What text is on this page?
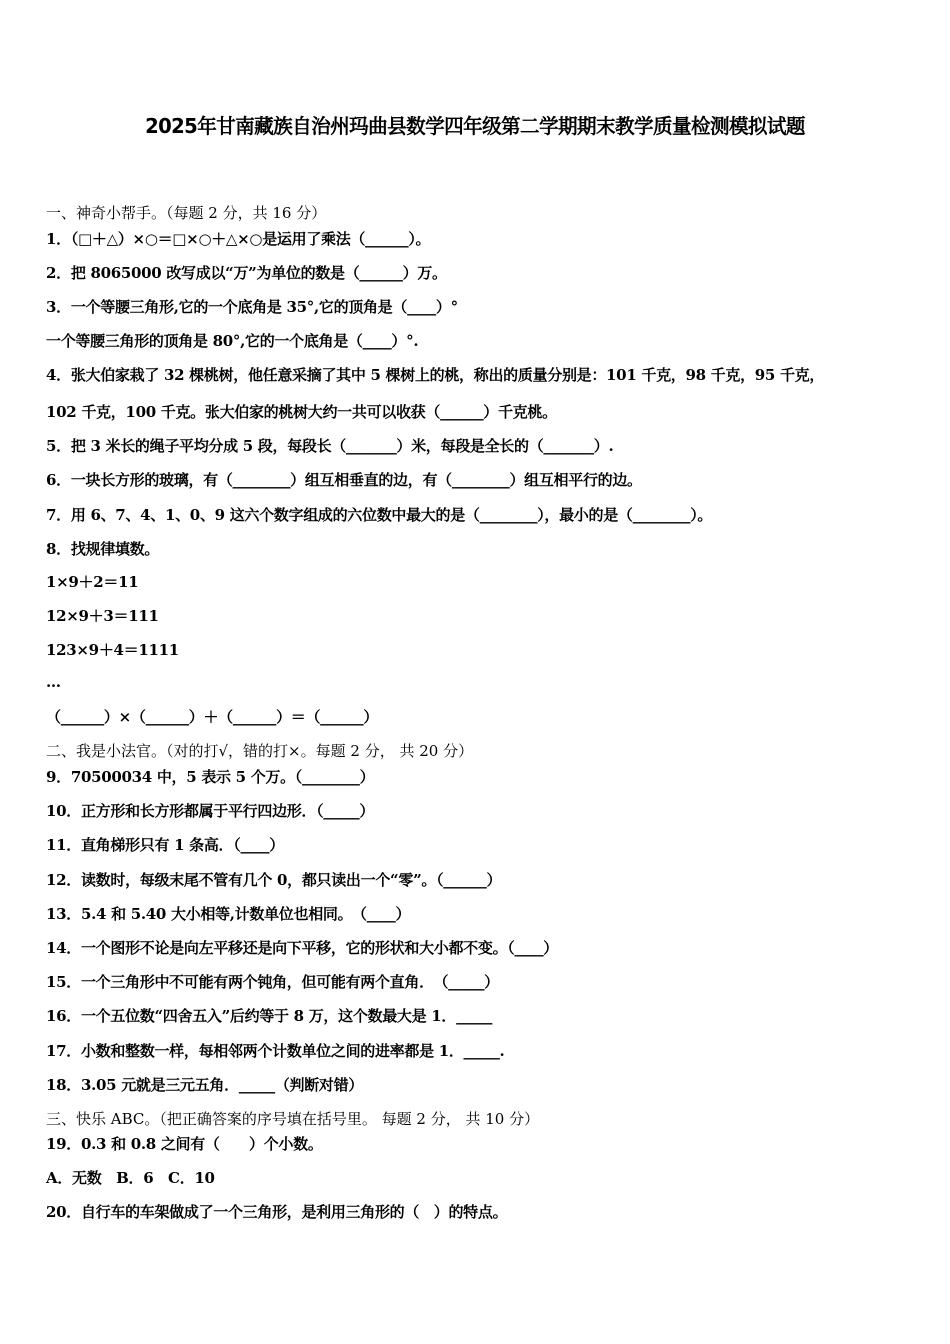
2025年甘南藏族自治州玛曲县数学四年级第二学期期末教学质量检测模拟试题
一、神奇小帮手。（每题 2 分，共 16 分）
1．（□＋△）×○＝□×○＋△×○是运用了乘法（______）。
2．把 8065000 改写成以“万”为单位的数是（______）万。
3．一个等腰三角形,它的一个底角是 35°,它的顶角是（____）°
一个等腰三角形的顶角是 80°,它的一个底角是（____）°.
4．张大伯家栽了 32 棵桃树，他任意采摘了其中 5 棵树上的桃，称出的质量分别是：101 千克，98 千克，95 千克，
102 千克，100 千克。张大伯家的桃树大约一共可以收获（______）千克桃。
5．把 3 米长的绳子平均分成 5 段，每段长（_______）米，每段是全长的（_______）.
6．一块长方形的玻璃，有（________）组互相垂直的边，有（________）组互相平行的边。
7．用 6、7、4、1、0、9 这六个数字组成的六位数中最大的是（________），最小的是（________）。
8．找规律填数。
1×9＋2＝11
12×9＋3＝111
123×9＋4＝1111
…
（______）×（______）＋（______）＝（______）
二、我是小法官。（对的打√，错的打×。每题 2 分， 共 20 分）
9．70500034 中，5 表示 5 个万。（________）
10．正方形和长方形都属于平行四边形．（_____）
11．直角梯形只有 1 条高．（____）
12．读数时，每级末尾不管有几个 0，都只读出一个“零”。（______）
13．5.4 和 5.40 大小相等,计数单位也相同。　（____）
14．一个图形不论是向左平移还是向下平移，它的形状和大小都不变。（____）
15．一个三角形中不可能有两个钝角，但可能有两个直角．　（_____）
16．一个五位数“四舍五入”后约等于 8 万，这个数最大是 1．_____
17．小数和整数一样，每相邻两个计数单位之间的进率都是 1．_____.
18．3.05 元就是三元五角．_____（判断对错）
三、快乐 ABC。（把正确答案的序号填在括号里。 每题 2 分， 共 10 分）
19．0.3 和 0.8 之间有（　　）个小数。
A．无数　B．6　C．10
20．自行车的车架做成了一个三角形，是利用三角形的（　）的特点。
